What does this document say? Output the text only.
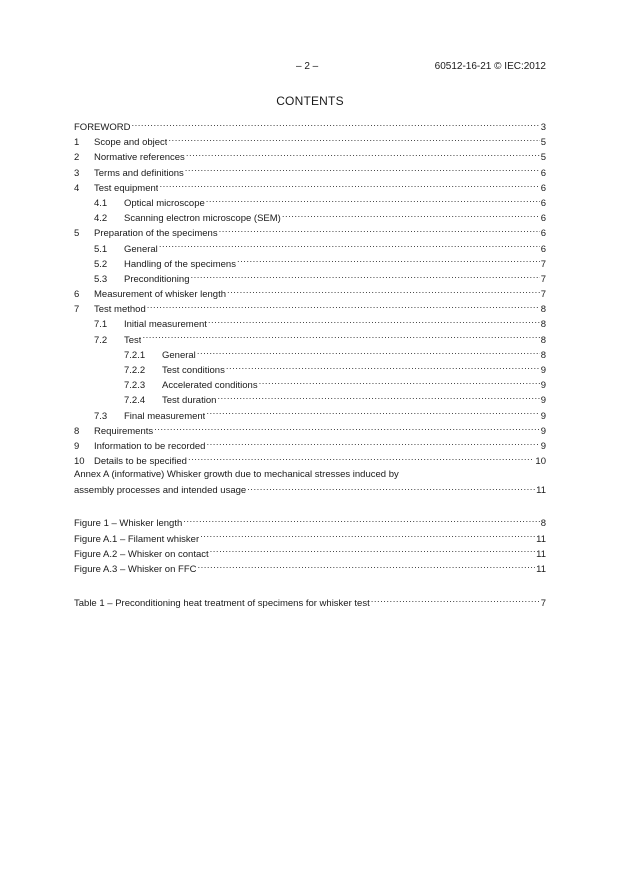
– 2 –	60512-16-21 © IEC:2012
CONTENTS
FOREWORD .....	3
1	Scope and object .....	5
2	Normative references .....	5
3	Terms and definitions .....	6
4	Test equipment .....	6
4.1	Optical microscope .....	6
4.2	Scanning electron microscope (SEM) .....	6
5	Preparation of the specimens .....	6
5.1	General .....	6
5.2	Handling of the specimens .....	7
5.3	Preconditioning .....	7
6	Measurement of whisker length .....	7
7	Test method .....	8
7.1	Initial measurement .....	8
7.2	Test .....	8
7.2.1	General .....	8
7.2.2	Test conditions .....	9
7.2.3	Accelerated conditions .....	9
7.2.4	Test duration .....	9
7.3	Final measurement .....	9
8	Requirements .....	9
9	Information to be recorded .....	9
10 Details to be specified .....	10
Annex A (informative) Whisker growth due to mechanical stresses induced by
assembly processes and intended usage .....	11
Figure 1 – Whisker length .....	8
Figure A.1 – Filament whisker .....	11
Figure A.2 – Whisker on contact .....	11
Figure A.3 – Whisker on FFC .....	11
Table 1 – Preconditioning heat treatment of specimens for whisker test .....	7
